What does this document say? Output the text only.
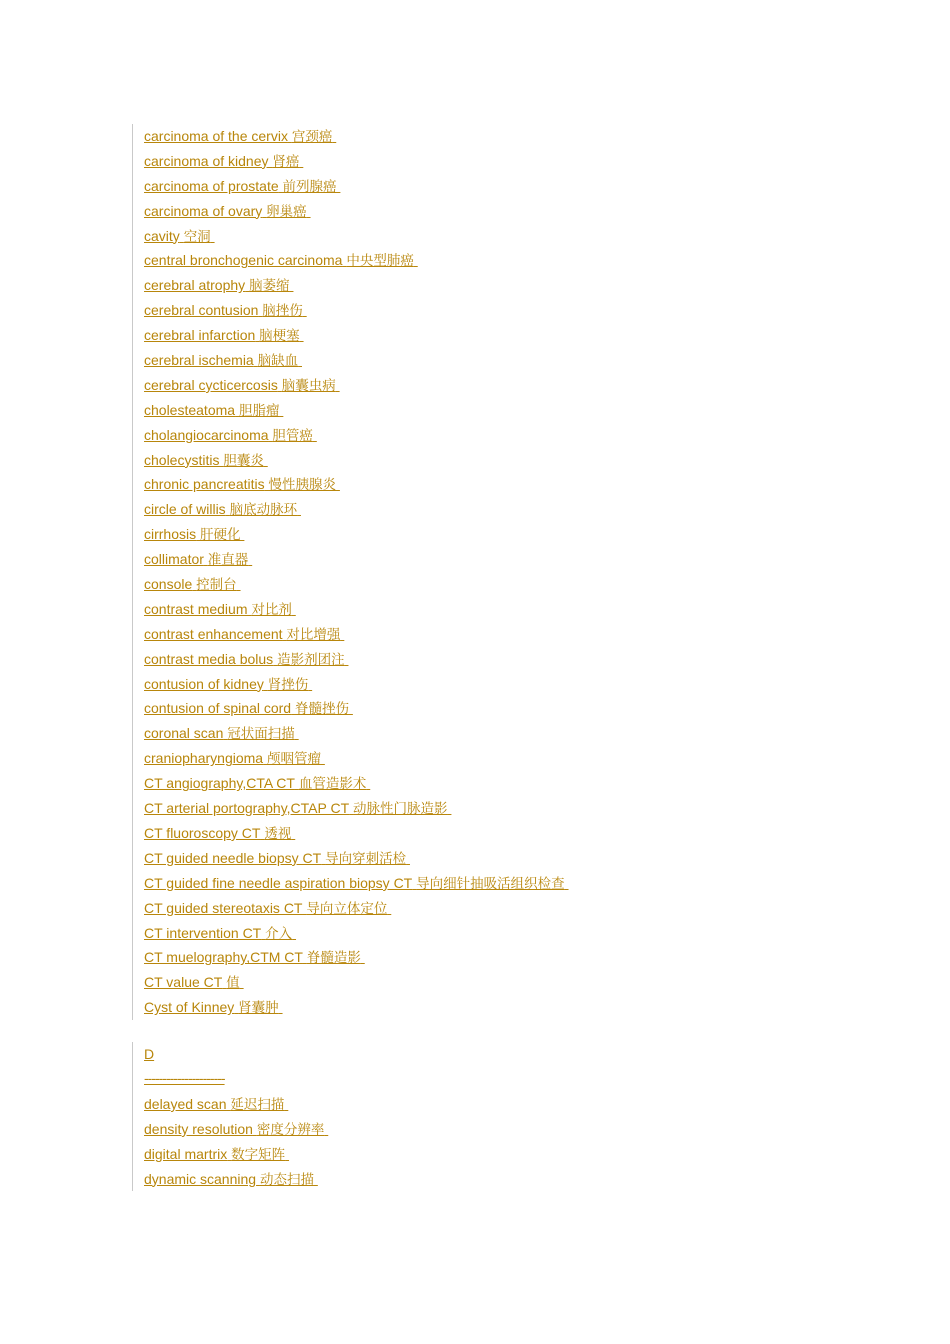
carcinoma of the cervix 宫颈癌
carcinoma of kidney 肾癌
carcinoma of prostate 前列腺癌
carcinoma of ovary 卵巢癌
cavity 空洞
central bronchogenic carcinoma 中央型肺癌
cerebral atrophy 脑萎缩
cerebral contusion 脑挫伤
cerebral infarction 脑梗塞
cerebral ischemia 脑缺血
cerebral cycticercosis 脑囊虫病
cholesteatoma 胆脂瘤
cholangiocarcinoma 胆管癌
cholecystitis 胆囊炎
chronic pancreatitis 慢性胰腺炎
circle of willis 脑底动脉环
cirrhosis 肝硬化
collimator 准直器
console 控制台
contrast medium 对比剂
contrast enhancement 对比增强
contrast media bolus 造影剂团注
contusion of kidney 肾挫伤
contusion of spinal cord 脊髓挫伤
coronal scan 冠状面扫描
craniopharyngioma 颅咽管瘤
CT angiography,CTA CT 血管造影术
CT arterial portography,CTAP CT 动脉性门脉造影
CT fluoroscopy CT 透视
CT guided needle biopsy CT 导向穿刺活检
CT guided fine needle aspiration biopsy CT 导向细针抽吸活组织检查
CT guided stereotaxis CT 导向立体定位
CT intervention CT 介入
CT muelography,CTM CT 脊髓造影
CT value CT 值
Cyst of Kinney 肾囊肿
D
----------------------
delayed scan 延迟扫描
density resolution 密度分辨率
digital martrix 数字矩阵
dynamic scanning 动态扫描
